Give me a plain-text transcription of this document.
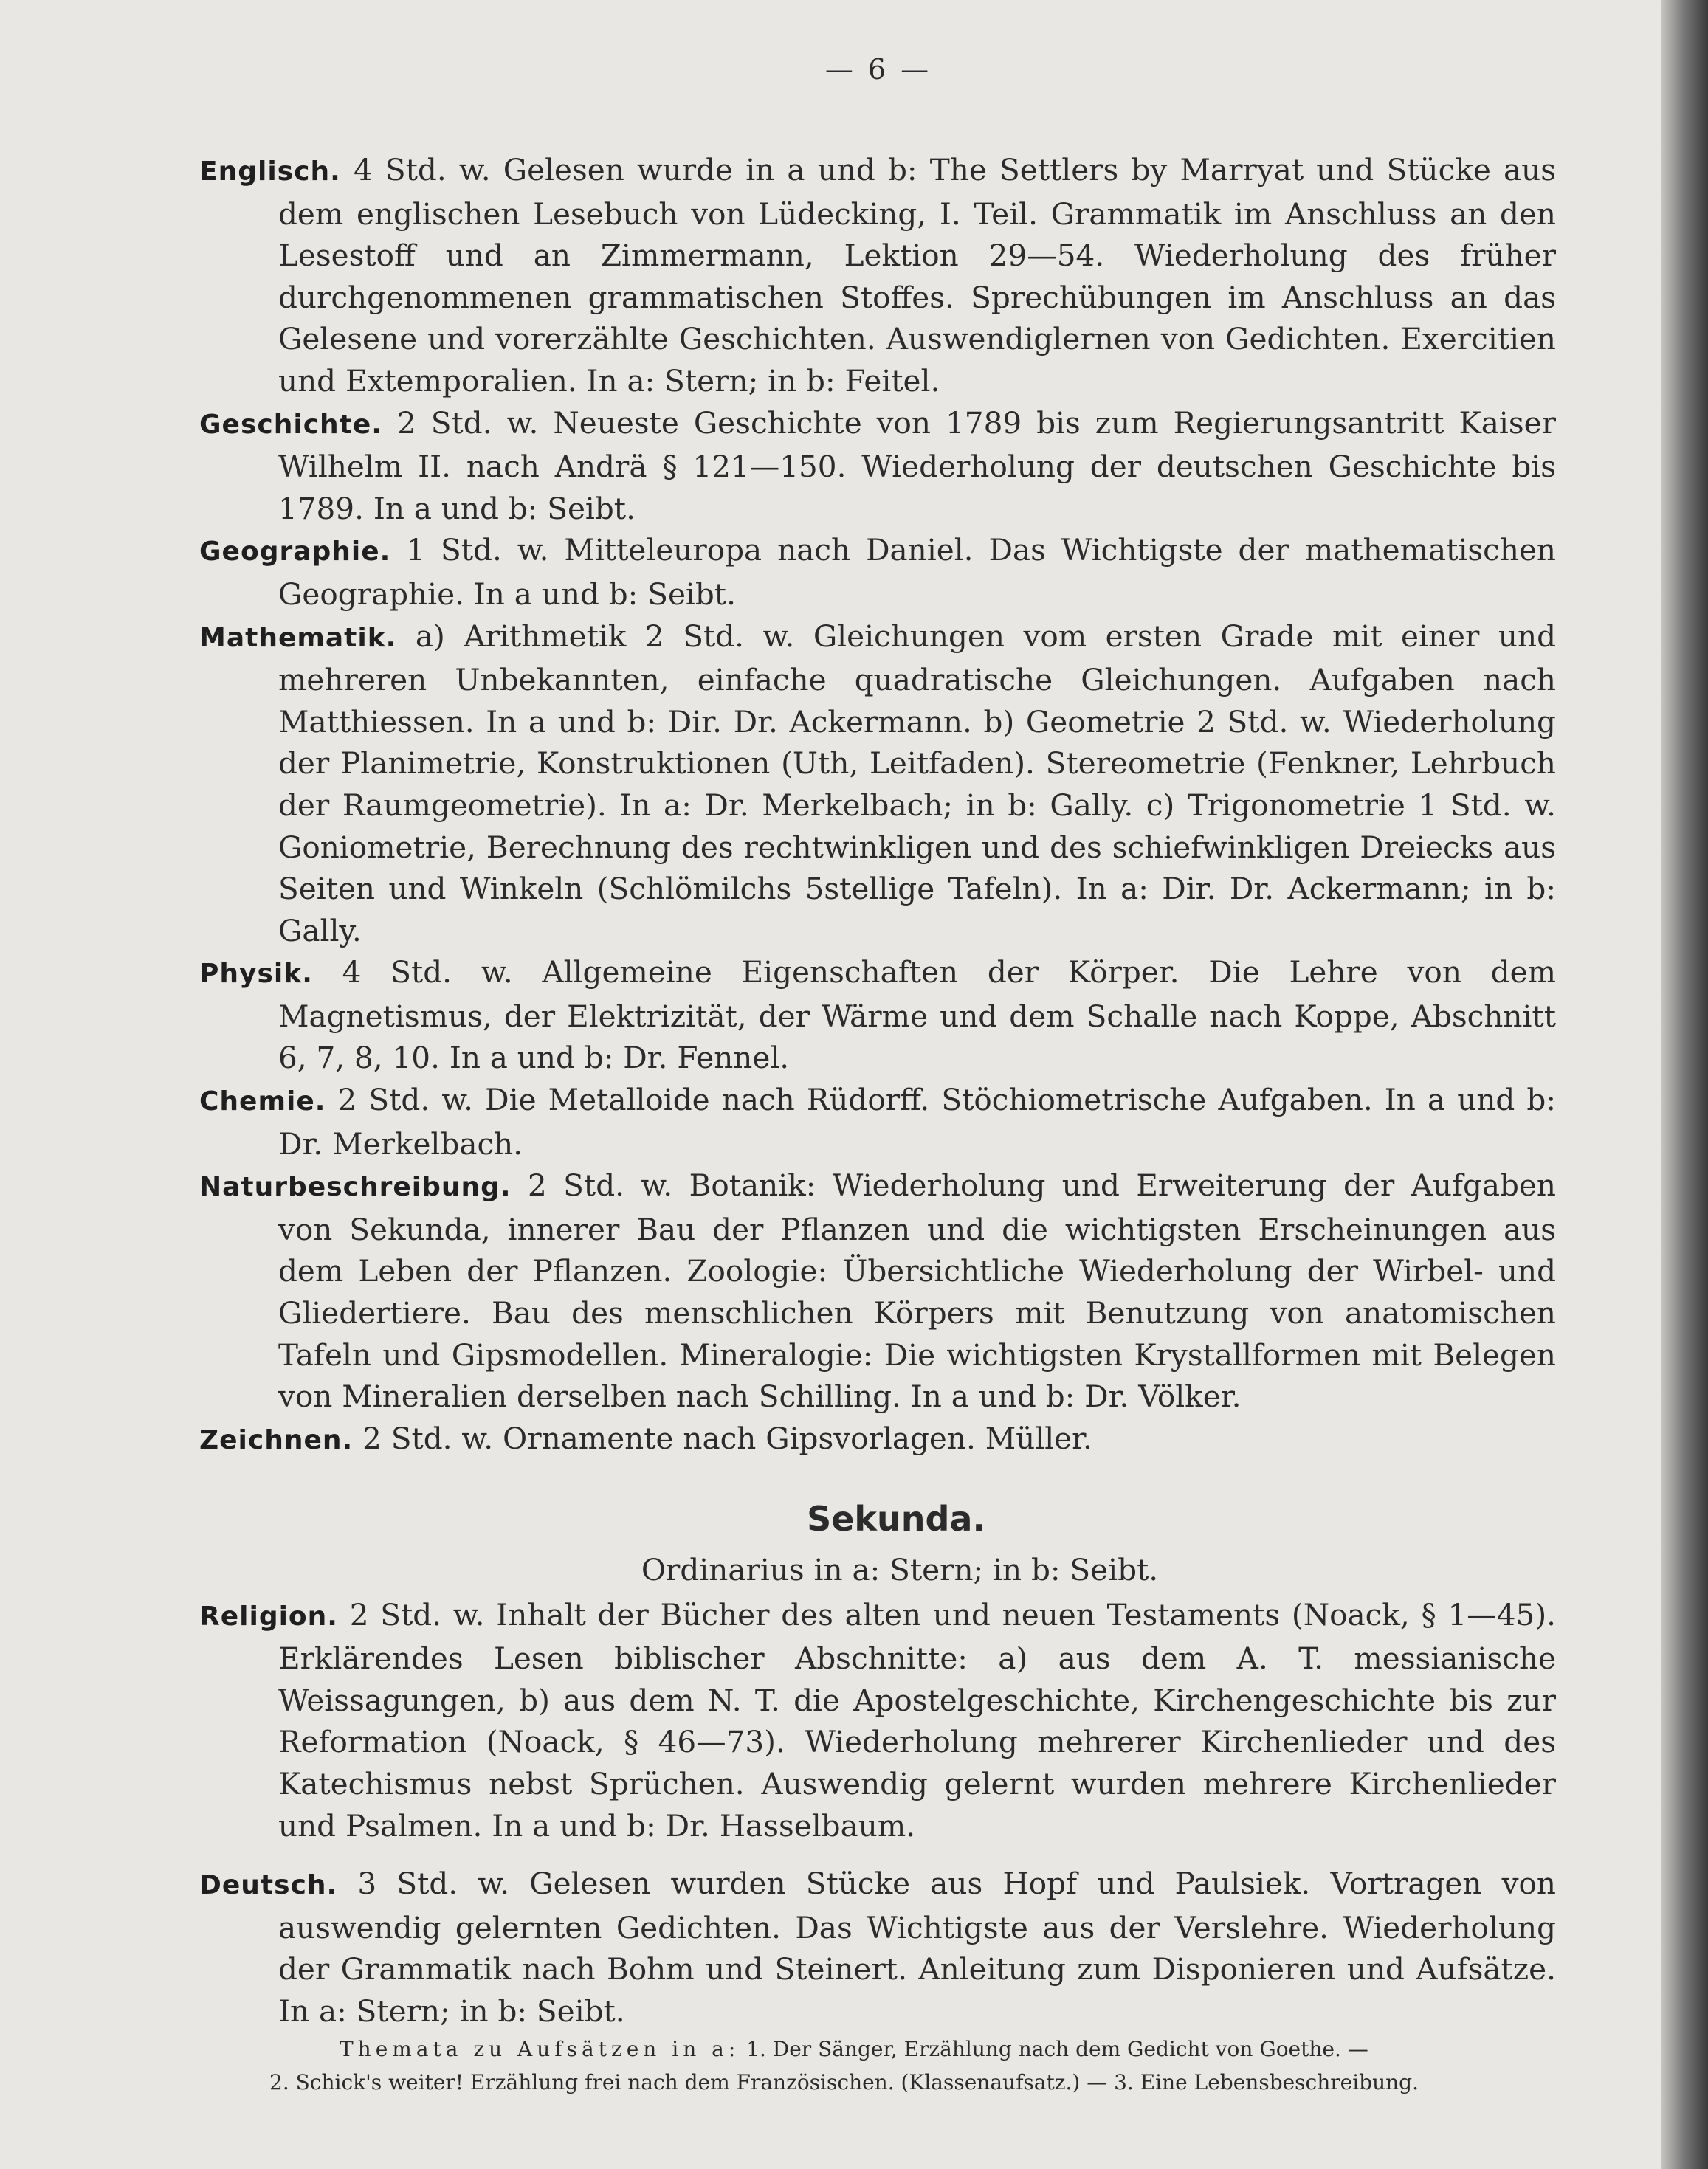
— 6 —

Englisch. 4 Std. w. Gelesen wurde in a und b: The Settlers by Marryat und Stücke aus dem englischen Lesebuch von Lüdecking, I. Teil. Grammatik im Anschluss an den Lesestoff und an Zimmermann, Lektion 29—54. Wiederholung des früher durchgenommenen grammatischen Stoffes. Sprechübungen im Anschluss an das Gelesene und vorerzählte Geschichten. Auswendiglernen von Gedichten. Exercitien und Extemporalien. In a: Stern; in b: Feitel.

Geschichte. 2 Std. w. Neueste Geschichte von 1789 bis zum Regierungsantritt Kaiser Wilhelm II. nach Andrä § 121—150. Wiederholung der deutschen Geschichte bis 1789. In a und b: Seibt.

Geographie. 1 Std. w. Mitteleuropa nach Daniel. Das Wichtigste der mathematischen Geographie. In a und b: Seibt.

Mathematik. a) Arithmetik 2 Std. w. Gleichungen vom ersten Grade mit einer und mehreren Unbekannten, einfache quadratische Gleichungen. Aufgaben nach Matthiessen. In a und b: Dir. Dr. Ackermann. b) Geometrie 2 Std. w. Wiederholung der Planimetrie, Konstruktionen (Uth, Leitfaden). Stereometrie (Fenkner, Lehrbuch der Raumgeometrie). In a: Dr. Merkelbach; in b: Gally. c) Trigonometrie 1 Std. w. Goniometrie, Berechnung des rechtwinkligen und des schiefwinkligen Dreiecks aus Seiten und Winkeln (Schlömilchs 5stellige Tafeln). In a: Dir. Dr. Ackermann; in b: Gally.

Physik. 4 Std. w. Allgemeine Eigenschaften der Körper. Die Lehre von dem Magnetismus, der Elektrizität, der Wärme und dem Schalle nach Koppe, Abschnitt 6, 7, 8, 10. In a und b: Dr. Fennel.

Chemie. 2 Std. w. Die Metalloide nach Rüdorff. Stöchiometrische Aufgaben. In a und b: Dr. Merkelbach.

Naturbeschreibung. 2 Std. w. Botanik: Wiederholung und Erweiterung der Aufgaben von Sekunda, innerer Bau der Pflanzen und die wichtigsten Erscheinungen aus dem Leben der Pflanzen. Zoologie: Übersichtliche Wiederholung der Wirbel- und Gliedertiere. Bau des menschlichen Körpers mit Benutzung von anatomischen Tafeln und Gipsmodellen. Mineralogie: Die wichtigsten Krystallformen mit Belegen von Mineralien derselben nach Schilling. In a und b: Dr. Völker.

Zeichnen. 2 Std. w. Ornamente nach Gipsvorlagen. Müller.

Sekunda.
Ordinarius in a: Stern; in b: Seibt.

Religion. 2 Std. w. Inhalt der Bücher des alten und neuen Testaments (Noack, § 1—45). Erklärendes Lesen biblischer Abschnitte: a) aus dem A. T. messianische Weissagungen, b) aus dem N. T. die Apostelgeschichte, Kirchengeschichte bis zur Reformation (Noack, § 46—73). Wiederholung mehrerer Kirchenlieder und des Katechismus nebst Sprüchen. Auswendig gelernt wurden mehrere Kirchenlieder und Psalmen. In a und b: Dr. Hasselbaum.

Deutsch. 3 Std. w. Gelesen wurden Stücke aus Hopf und Paulsiek. Vortragen von auswendig gelernten Gedichten. Das Wichtigste aus der Verslehre. Wiederholung der Grammatik nach Bohm und Steinert. Anleitung zum Disponieren und Aufsätze. In a: Stern; in b: Seibt.

Themata zu Aufsätzen in a: 1. Der Sänger, Erzählung nach dem Gedicht von Goethe. —
2. Schick's weiter! Erzählung frei nach dem Französischen. (Klassenaufsatz.) — 3. Eine Lebensbeschreibung.
